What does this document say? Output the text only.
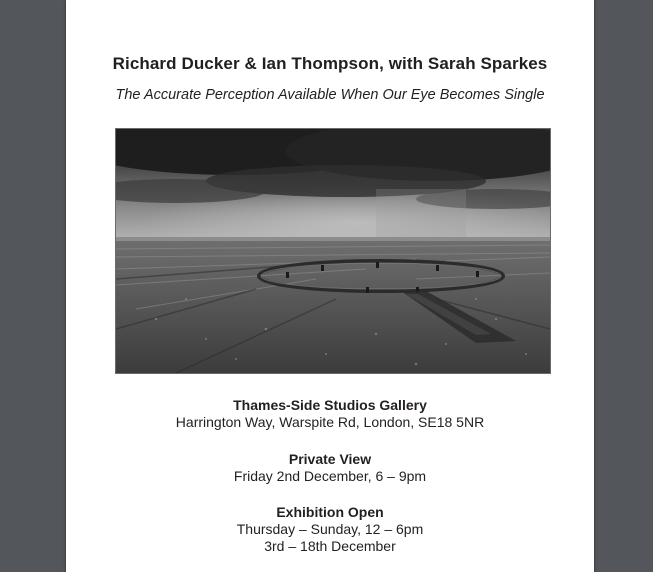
Richard Ducker & Ian Thompson, with Sarah Sparkes
The Accurate Perception Available When Our Eye Becomes Single
Thames-Side Studios Gallery
Harrington Way, Warspite Rd, London, SE18 5NR
Private View
Friday 2nd December, 6 – 9pm
Exhibition Open
Thursday – Sunday, 12 – 6pm
3rd – 18th December
